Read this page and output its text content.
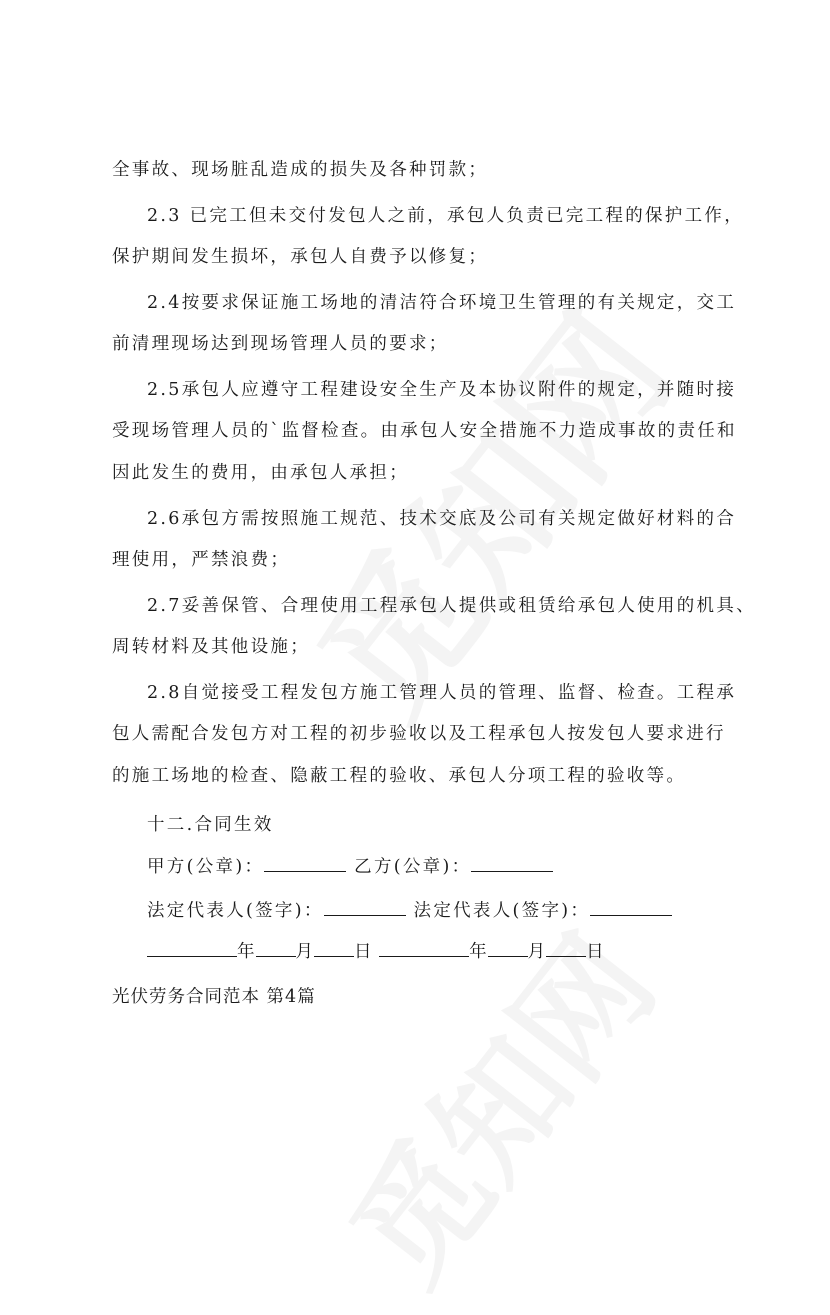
全事故、现场脏乱造成的损失及各种罚款；
2.3 已完工但未交付发包人之前，承包人负责已完工程的保护工作，
保护期间发生损坏，承包人自费予以修复；
2.4按要求保证施工场地的清洁符合环境卫生管理的有关规定，交工
前清理现场达到现场管理人员的要求；
2.5承包人应遵守工程建设安全生产及本协议附件的规定，并随时接
受现场管理人员的`监督检查。由承包人安全措施不力造成事故的责任和
因此发生的费用，由承包人承担；
2.6承包方需按照施工规范、技术交底及公司有关规定做好材料的合
理使用，严禁浪费；
2.7妥善保管、合理使用工程承包人提供或租赁给承包人使用的机具、
周转材料及其他设施；
2.8自觉接受工程发包方施工管理人员的管理、监督、检查。工程承
包人需配合发包方对工程的初步验收以及工程承包人按发包人要求进行
的施工场地的检查、隐蔽工程的验收、承包人分项工程的验收等。
十二.合同生效
甲方(公章)：	乙方(公章)：
法定代表人(签字)：	法定代表人(签字)：
年 月 日	年 月 日
光伏劳务合同范本 第4篇
